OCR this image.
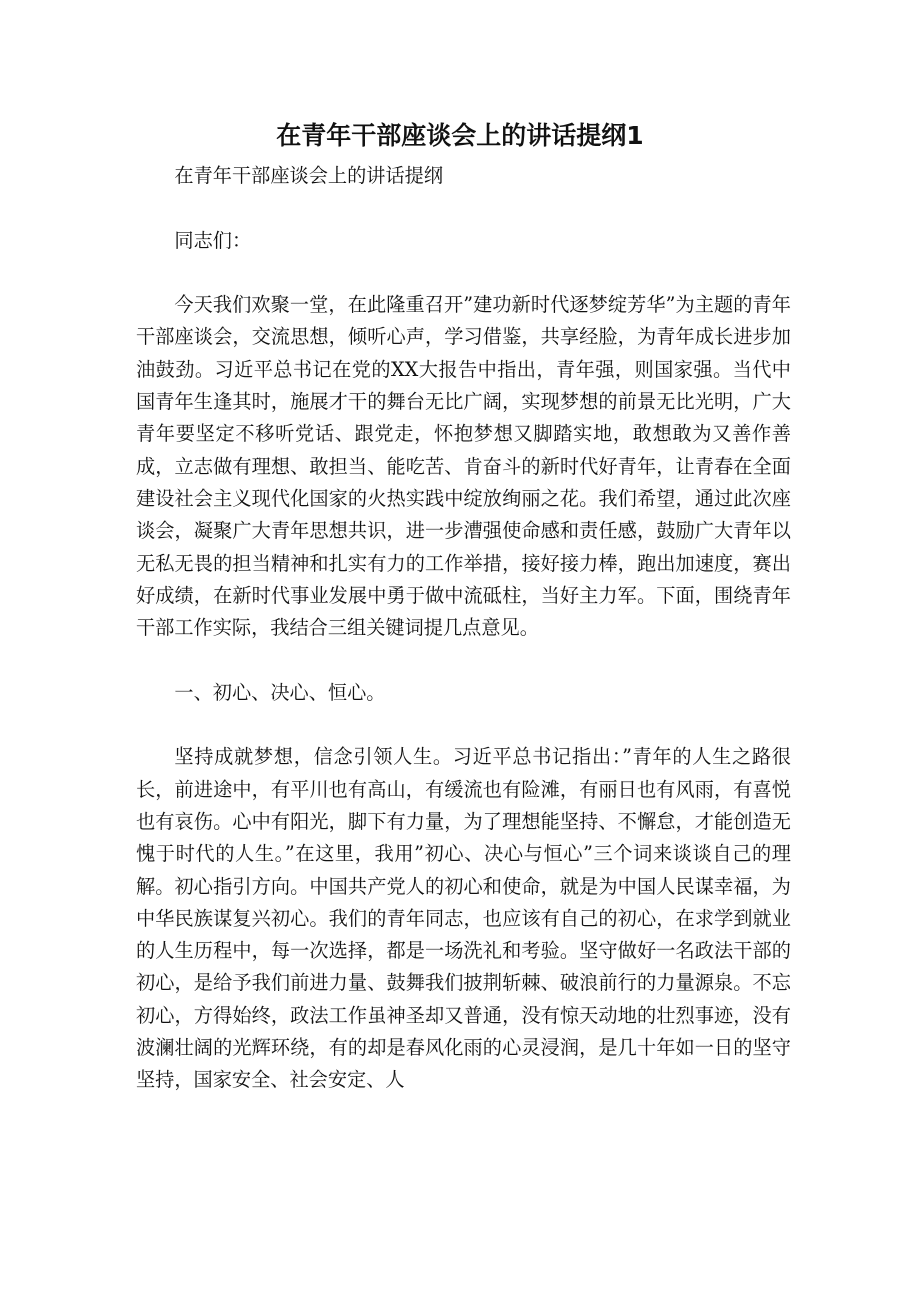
在青年干部座谈会上的讲话提纲1

在青年干部座谈会上的讲话提纲

同志们：

今天我们欢聚一堂，在此隆重召开”建功新时代逐梦绽芳华”为主题的青年干部座谈会，交流思想，倾听心声，学习借鉴，共享经脸，为青年成长进步加油鼓劲。习近平总书记在党的XX大报告中指出，青年强，则国家强。当代中国青年生逢其时，施展才干的舞台无比广阔，实现梦想的前景无比光明，广大青年要坚定不移听党话、跟党走，怀抱梦想又脚踏实地，敢想敢为又善作善成，立志做有理想、敢担当、能吃苦、肯奋斗的新时代好青年，让青春在全面建设社会主义现代化国家的火热实践中绽放绚丽之花。我们希望，通过此次座谈会，凝聚广大青年思想共识，进一步漕强使命感和责任感，鼓励广大青年以无私无畏的担当精神和扎实有力的工作举措，接好接力棒，跑出加速度，赛出好成绩，在新时代事业发展中勇于做中流砥柱，当好主力军。下面，围绕青年干部工作实际，我结合三组关键词提几点意见。

一、初心、决心、恒心。

坚持成就梦想，信念引领人生。习近平总书记指出：”青年的人生之路很长，前进途中，有平川也有高山，有缓流也有险滩，有丽日也有风雨，有喜悦也有哀伤。心中有阳光，脚下有力量，为了理想能坚持、不懈怠，才能创造无愧于时代的人生。”在这里，我用”初心、决心与恒心”三个词来谈谈自己的理解。初心指引方向。中国共产党人的初心和使命，就是为中国人民谋幸福，为中华民族谋复兴初心。我们的青年同志，也应该有自己的初心，在求学到就业的人生历程中，每一次选择，都是一场洗礼和考验。坚守做好一名政法干部的初心，是给予我们前进力量、鼓舞我们披荆斩棘、破浪前行的力量源泉。不忘初心，方得始终，政法工作虽神圣却又普通，没有惊天动地的壮烈事迹，没有波澜壮阔的光辉环绕，有的却是春风化雨的心灵浸润，是几十年如一日的坚守坚持，国家安全、社会安定、人
